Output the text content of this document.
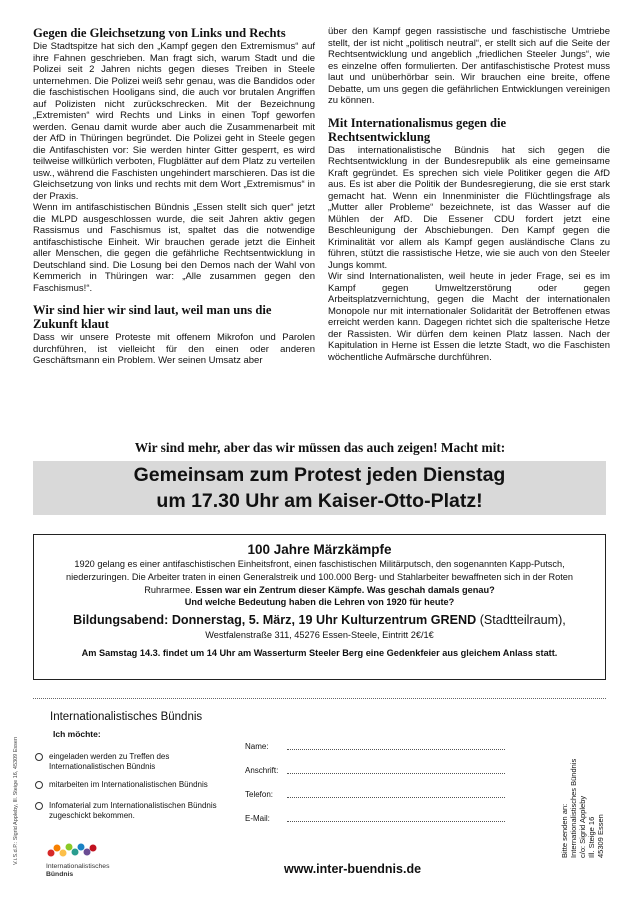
Gegen die Gleichsetzung von Links und Rechts

Die Stadtspitze hat sich den „Kampf gegen den Extremismus“ auf ihre Fahnen geschrieben. Man fragt sich, warum Stadt und die Polizei seit 2 Jahren nichts gegen dieses Treiben in Steele unternehmen. Die Polizei weiß sehr genau, was die Bandidos oder die faschistischen Hooligans sind, die auch vor brutalen Angriffen auf Polizisten nicht zurückschrecken. Mit der Bezeichnung „Extremisten“ wird Rechts und Links in einen Topf geworfen werden. Genau damit wurde aber auch die Zusammenarbeit mit der AfD in Thüringen begründet. Die Polizei geht in Steele gegen die Antifaschisten vor: Sie werden hinter Gitter gesperrt, es wird teilweise willkürlich verboten, Flugblätter auf dem Platz zu verteilen usw., während die Faschisten ungehindert marschieren. Das ist die Gleichsetzung von links und rechts mit dem Wort „Extremismus“ in der Praxis.

Wenn im antifaschistischen Bündnis „Essen stellt sich quer“ jetzt die MLPD ausgeschlossen wurde, die seit Jahren aktiv gegen Rassismus und Faschismus ist, spaltet das die notwendige antifaschistische Einheit. Wir brauchen gerade jetzt die Einheit aller Menschen, die gegen die gefährliche Rechtsentwicklung in Deutschland sind. Die Losung bei den Demos nach der Wahl von Kemmerich in Thüringen war: „Alle zusammen gegen den Faschismus!“.

Wir sind hier wir sind laut, weil man uns die Zukunft klaut

Dass wir unsere Proteste mit offenem Mikrofon und Parolen durchführen, ist vielleicht für den einen oder anderen Geschäftsmann ein Problem. Wer seinen Umsatz aber

über den Kampf gegen rassistische und faschistische Umtriebe stellt, der ist nicht „politisch neutral“, er stellt sich auf die Seite der Rechtsentwicklung und angeblich „friedlichen Steeler Jungs“, wie es einzelne offen formulierten. Der antifaschistische Protest muss laut und unüberhörbar sein. Wir brauchen eine breite, offene Debatte, um uns gegen die gefährlichen Entwicklungen vereinigen zu können.

Mit Internationalismus gegen die Rechtsentwicklung

Das internationalistische Bündnis hat sich gegen die Rechtsentwicklung in der Bundesrepublik als eine gemeinsame Kraft gegründet. Es sprechen sich viele Politiker gegen die AfD aus. Es ist aber die Politik der Bundesregierung, die sie erst stark gemacht hat. Wenn ein Innenminister die Flüchtlingsfrage als „Mutter aller Probleme“ bezeichnete, ist das Wasser auf die Mühlen der AfD. Die Essener CDU fordert jetzt eine Beschleunigung der Abschiebungen. Den Kampf gegen die Kriminalität vor allem als Kampf gegen ausländische Clans zu führen, stützt die rassistische Hetze, wie sie auch von den Steeler Jungs kommt.

Wir sind Internationalisten, weil heute in jeder Frage, sei es im Kampf gegen Umweltzerstörung oder gegen Arbeitsplatzvernichtung, gegen die Macht der internationalen Monopole nur mit internationaler Solidarität der Betroffenen etwas erreicht werden kann. Dagegen richtet sich die spalterische Hetze der Rassisten. Wir dürfen dem keinen Platz lassen. Nach der Kapitulation in Herne ist Essen die letzte Stadt, wo die Faschisten wöchentliche Aufmärsche durchführen.

Wir sind mehr, aber das wir müssen das auch zeigen! Macht mit:
Gemeinsam zum Protest jeden Dienstag
um 17.30 Uhr am Kaiser-Otto-Platz!
100 Jahre Märzkämpfe
1920 gelang es einer antifaschistischen Einheitsfront, einen faschistischen Militärputsch, den sogenannten Kapp-Putsch, niederzuringen. Die Arbeiter traten in einen Generalstreik und 100.000 Berg- und Stahlarbeiter bewaffneten sich in der Roten Ruhrarmee. Essen war ein Zentrum dieser Kämpfe. Was geschah damals genau?
Und welche Bedeutung haben die Lehren von 1920 für heute?
Bildungsabend: Donnerstag, 5. März, 19 Uhr Kulturzentrum GREND (Stadtteilraum),
Westfalenstraße 311, 45276 Essen-Steele, Eintritt 2€/1€
Am Samstag 14.3. findet um 14 Uhr am Wasserturm Steeler Berg eine Gedenkfeier aus gleichem Anlass statt.
Internationalistisches Bündnis
Ich möchte:
eingeladen werden zu Treffen des
Internationalistischen Bündnis
mitarbeiten im Internationalistischen Bündnis
Infomaterial zum Internationalistischen Bündnis
zugeschickt bekommen.
Name:
Anschrift:
Telefon:
E-Mail:
V.i.S.d.P.: Sigrid Appleby, Ill. Steige 16, 45309 Essen	Bitte senden an: Internationalistisches Bündnis c/o: Sigrid Appleby Ill. Steige 16 45309 Essen
Internationalistisches
Bündnis	www.inter-buendnis.de
